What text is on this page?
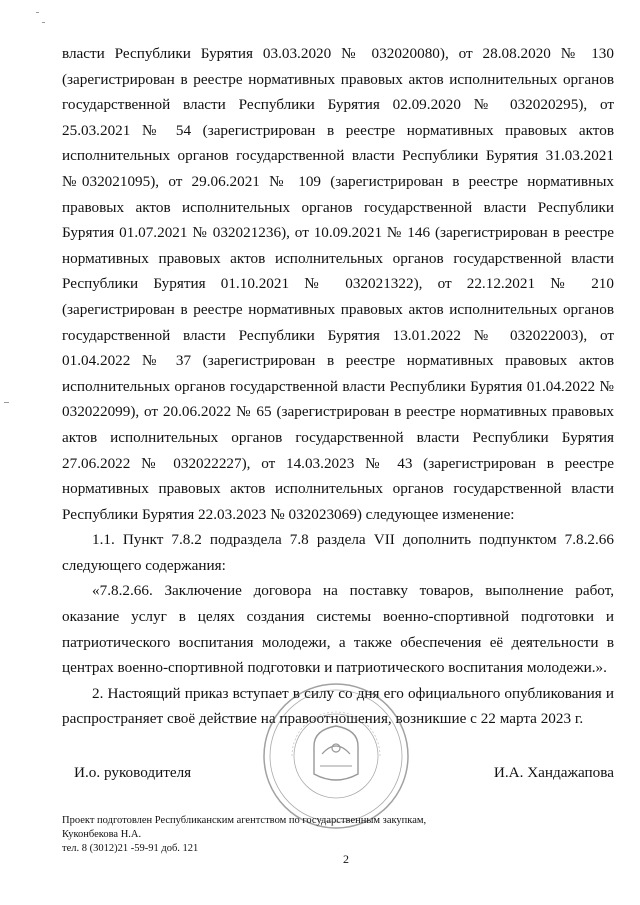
власти Республики Бурятия 03.03.2020 № 032020080), от 28.08.2020 № 130 (зарегистрирован в реестре нормативных правовых актов исполнительных органов государственной власти Республики Бурятия 02.09.2020 № 032020295), от 25.03.2021 № 54 (зарегистрирован в реестре нормативных правовых актов исполнительных органов государственной власти Республики Бурятия 31.03.2021 №032021095), от 29.06.2021 № 109 (зарегистрирован в реестре нормативных правовых актов исполнительных органов государственной власти Республики Бурятия 01.07.2021 № 032021236), от 10.09.2021 № 146 (зарегистрирован в реестре нормативных правовых актов исполнительных органов государственной власти Республики Бурятия 01.10.2021 № 032021322), от 22.12.2021 № 210 (зарегистрирован в реестре нормативных правовых актов исполнительных органов государственной власти Республики Бурятия 13.01.2022 № 032022003), от 01.04.2022 № 37 (зарегистрирован в реестре нормативных правовых актов исполнительных органов государственной власти Республики Бурятия 01.04.2022 № 032022099), от 20.06.2022 № 65 (зарегистрирован в реестре нормативных правовых актов исполнительных органов государственной власти Республики Бурятия 27.06.2022 № 032022227), от 14.03.2023 № 43 (зарегистрирован в реестре нормативных правовых актов исполнительных органов государственной власти Республики Бурятия 22.03.2023 № 032023069) следующее изменение:

1.1. Пункт 7.8.2 подраздела 7.8 раздела VII дополнить подпунктом 7.8.2.66 следующего содержания:

«7.8.2.66. Заключение договора на поставку товаров, выполнение работ, оказание услуг в целях создания системы военно-спортивной подготовки и патриотического воспитания молодежи, а также обеспечения её деятельности в центрах военно-спортивной подготовки и патриотического воспитания молодежи.».

2. Настоящий приказ вступает в силу со дня его официального опубликования и распространяет своё действие на правоотношения, возникшие с 22 марта 2023 г.

И.о. руководителя	И.А. Хандажапова
Проект подготовлен Республиканским агентством по государственным закупкам,
Куконбекова Н.А.
тел. 8 (3012)21 -59-91 доб. 121
2
